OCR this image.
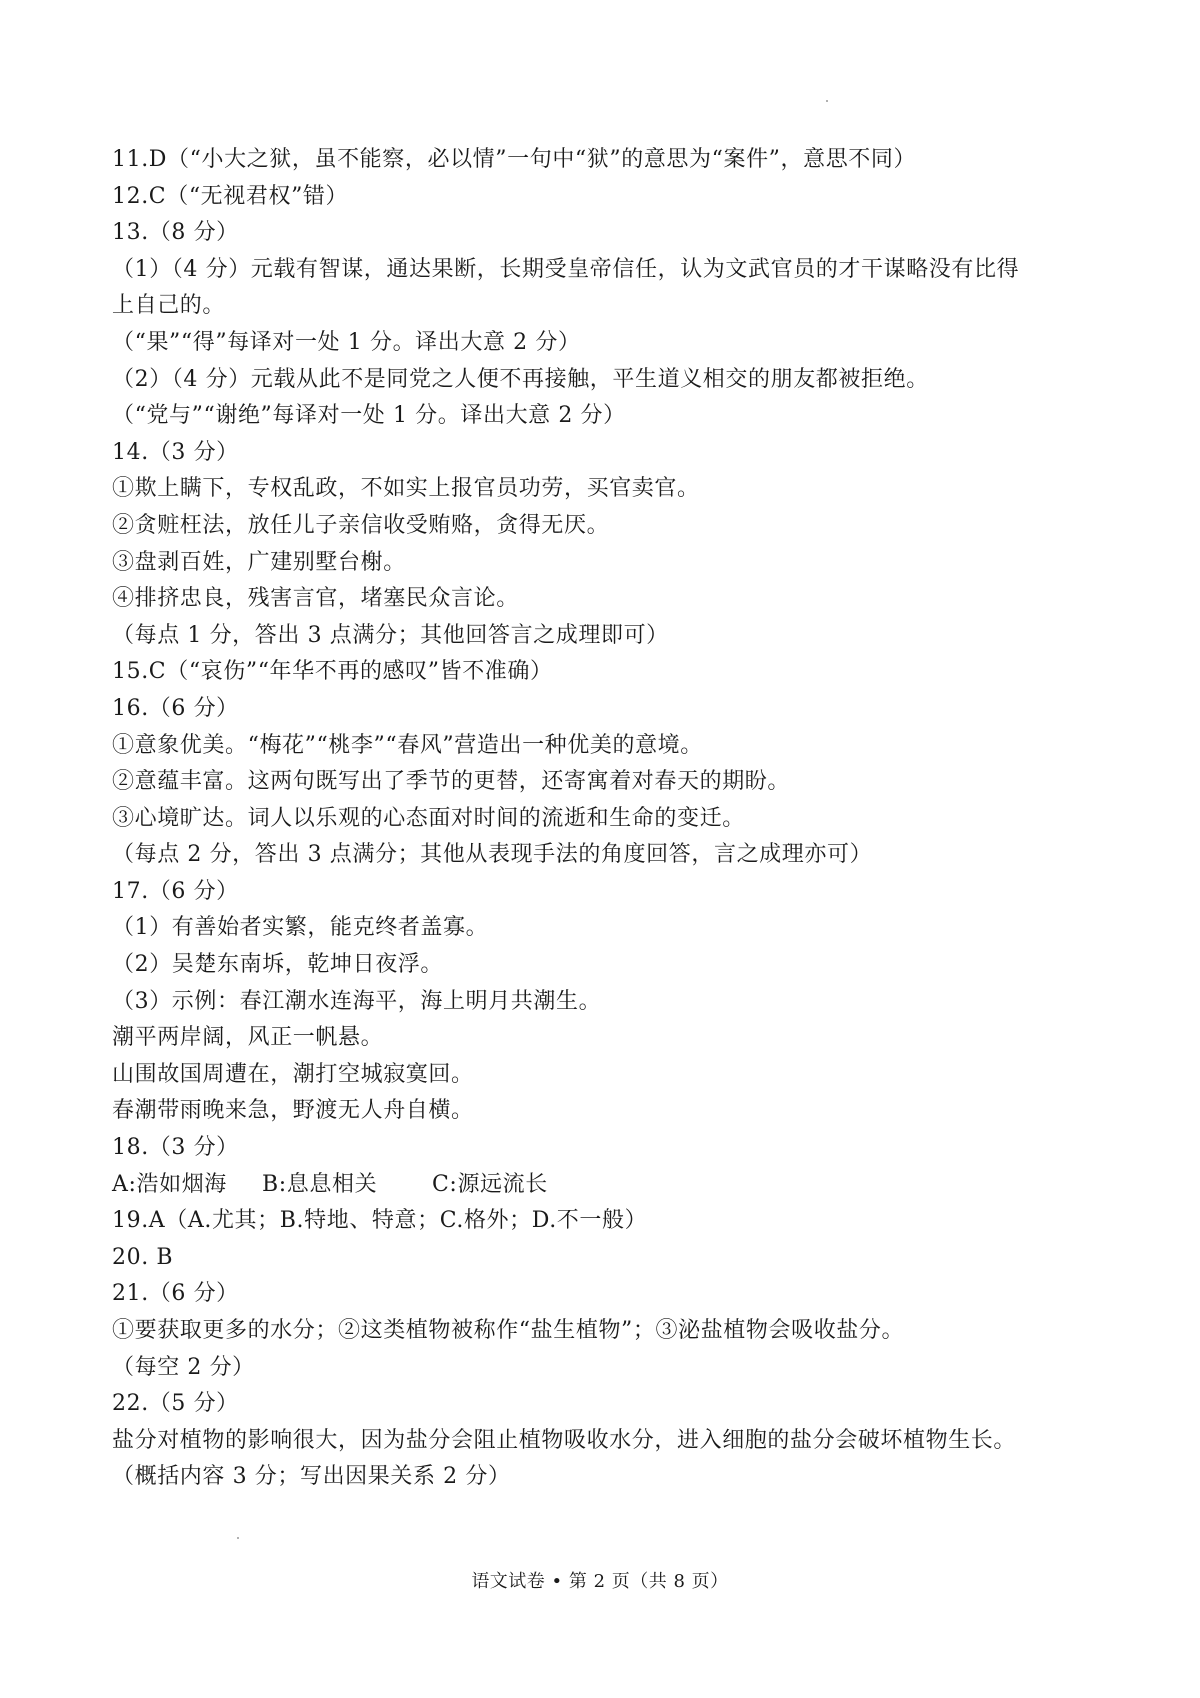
11.D（“小大之狱，虽不能察，必以情”一句中“狱”的意思为“案件”，意思不同）
12.C（“无视君权”错）
13.（8 分）
（1）（4 分）元载有智谋，通达果断，长期受皇帝信任，认为文武官员的才干谋略没有比得
上自己的。
（“果”“得”每译对一处 1 分。译出大意 2 分）
（2）（4 分）元载从此不是同党之人便不再接触，平生道义相交的朋友都被拒绝。
（“党与”“谢绝”每译对一处 1 分。译出大意 2 分）
14.（3 分）
①欺上瞒下，专权乱政，不如实上报官员功劳，买官卖官。
②贪赃枉法，放任儿子亲信收受贿赂，贪得无厌。
③盘剥百姓，广建别墅台榭。
④排挤忠良，残害言官，堵塞民众言论。
（每点 1 分，答出 3 点满分；其他回答言之成理即可）
15.C（“哀伤”“年华不再的感叹”皆不准确）
16.（6 分）
①意象优美。“梅花”“桃李”“春风”营造出一种优美的意境。
②意蕴丰富。这两句既写出了季节的更替，还寄寓着对春天的期盼。
③心境旷达。词人以乐观的心态面对时间的流逝和生命的变迁。
（每点 2 分，答出 3 点满分；其他从表现手法的角度回答，言之成理亦可）
17.（6 分）
（1）有善始者实繁，能克终者盖寡。
（2）吴楚东南坼，乾坤日夜浮。
（3）示例：春江潮水连海平，海上明月共潮生。
潮平两岸阔，风正一帆悬。
山围故国周遭在，潮打空城寂寞回。
春潮带雨晚来急，野渡无人舟自横。
18.（3 分）
A:浩如烟海	B:息息相关	C:源远流长
19.A（A.尤其；B.特地、特意；C.格外；D.不一般）
20. B
21.（6 分）
①要获取更多的水分；②这类植物被称作“盐生植物”；③泌盐植物会吸收盐分。
（每空 2 分）
22.（5 分）
盐分对植物的影响很大，因为盐分会阻止植物吸收水分，进入细胞的盐分会破坏植物生长。
（概括内容 3 分；写出因果关系 2 分）
语文试卷 • 第 2 页（共 8 页）
